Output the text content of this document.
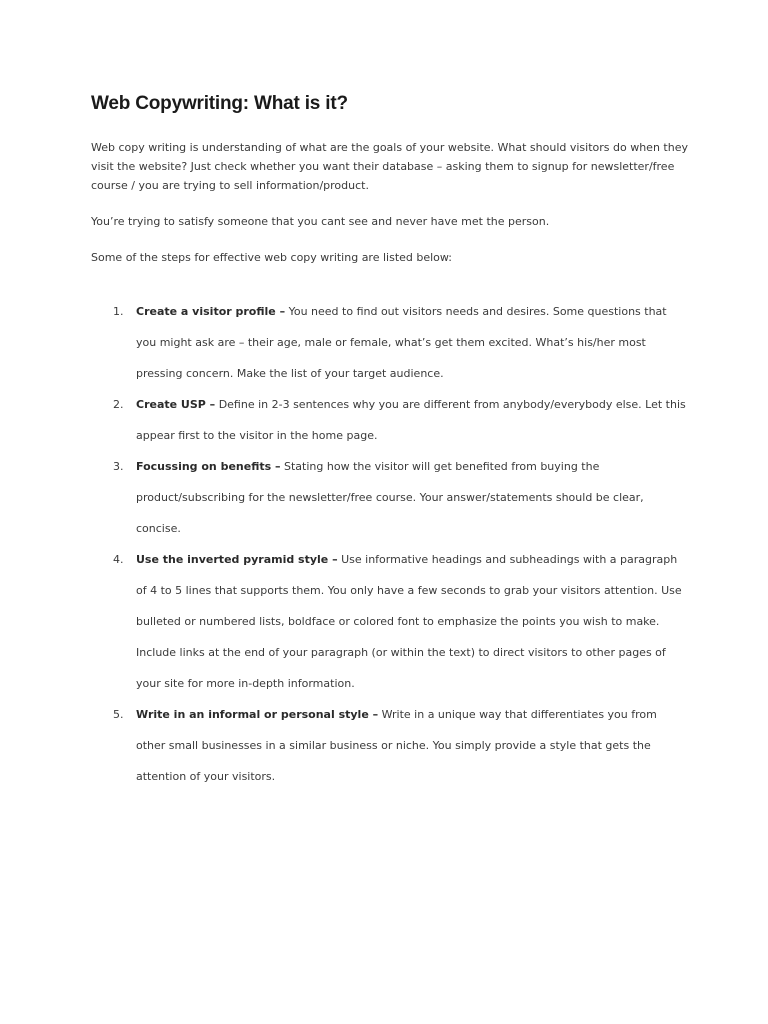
Web Copywriting: What is it?

Web copy writing is understanding of what are the goals of your website. What should visitors do when they visit the website? Just check whether you want their database – asking them to signup for newsletter/free course / you are trying to sell information/product.

You’re trying to satisfy someone that you cant see and never have met the person.

Some of the steps for effective web copy writing are listed below:

1. Create a visitor profile – You need to find out visitors needs and desires. Some questions that you might ask are – their age, male or female, what’s get them excited. What’s his/her most pressing concern. Make the list of your target audience.
2. Create USP – Define in 2-3 sentences why you are different from anybody/everybody else. Let this appear first to the visitor in the home page.
3. Focussing on benefits – Stating how the visitor will get benefited from buying the product/subscribing for the newsletter/free course. Your answer/statements should be clear, concise.
4. Use the inverted pyramid style – Use informative headings and subheadings with a paragraph of 4 to 5 lines that supports them. You only have a few seconds to grab your visitors attention. Use bulleted or numbered lists, boldface or colored font to emphasize the points you wish to make. Include links at the end of your paragraph (or within the text) to direct visitors to other pages of your site for more in-depth information.
5. Write in an informal or personal style – Write in a unique way that differentiates you from other small businesses in a similar business or niche. You simply provide a style that gets the attention of your visitors.
